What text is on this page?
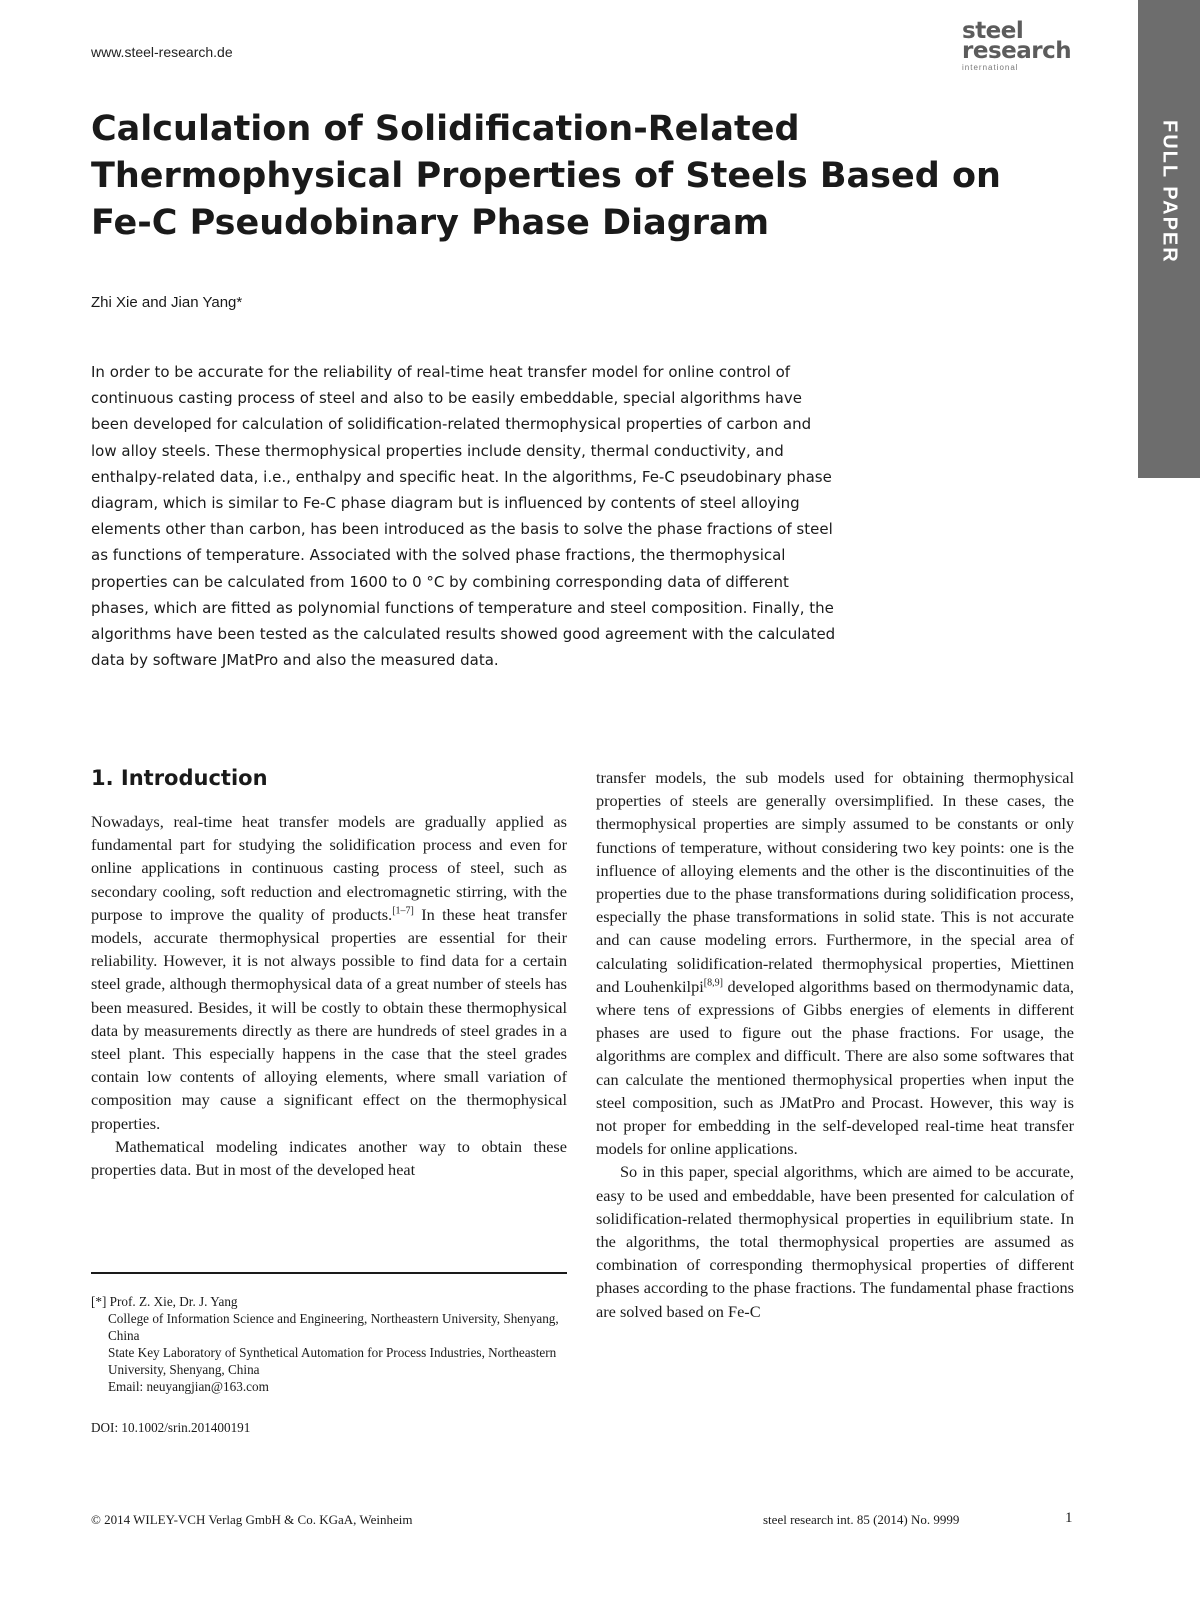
www.steel-research.de
steel
research
international
FULL PAPER
Calculation of Solidification-Related Thermophysical Properties of Steels Based on Fe-C Pseudobinary Phase Diagram
Zhi Xie and Jian Yang*

In order to be accurate for the reliability of real-time heat transfer model for online control of continuous casting process of steel and also to be easily embeddable, special algorithms have been developed for calculation of solidification-related thermophysical properties of carbon and low alloy steels. These thermophysical properties include density, thermal conductivity, and enthalpy-related data, i.e., enthalpy and specific heat. In the algorithms, Fe-C pseudobinary phase diagram, which is similar to Fe-C phase diagram but is influenced by contents of steel alloying elements other than carbon, has been introduced as the basis to solve the phase fractions of steel as functions of temperature. Associated with the solved phase fractions, the thermophysical properties can be calculated from 1600 to 0 °C by combining corresponding data of different phases, which are fitted as polynomial functions of temperature and steel composition. Finally, the algorithms have been tested as the calculated results showed good agreement with the calculated data by software JMatPro and also the measured data.

1. Introduction

Nowadays, real-time heat transfer models are gradually applied as fundamental part for studying the solidification process and even for online applications in continuous casting process of steel, such as secondary cooling, soft reduction and electromagnetic stirring, with the purpose to improve the quality of products.[1–7] In these heat transfer models, accurate thermophysical properties are essential for their reliability. However, it is not always possible to find data for a certain steel grade, although thermophysical data of a great number of steels has been measured. Besides, it will be costly to obtain these thermophysical data by measurements directly as there are hundreds of steel grades in a steel plant. This especially happens in the case that the steel grades contain low contents of alloying elements, where small variation of composition may cause a significant effect on the thermophysical properties.

Mathematical modeling indicates another way to obtain these properties data. But in most of the developed heat

transfer models, the sub models used for obtaining thermophysical properties of steels are generally oversimplified. In these cases, the thermophysical properties are simply assumed to be constants or only functions of temperature, without considering two key points: one is the influence of alloying elements and the other is the discontinuities of the properties due to the phase transformations during solidification process, especially the phase transformations in solid state. This is not accurate and can cause modeling errors. Furthermore, in the special area of calculating solidification-related thermophysical properties, Miettinen and Louhenkilpi[8,9] developed algorithms based on thermodynamic data, where tens of expressions of Gibbs energies of elements in different phases are used to figure out the phase fractions. For usage, the algorithms are complex and difficult. There are also some softwares that can calculate the mentioned thermophysical properties when input the steel composition, such as JMatPro and Procast. However, this way is not proper for embedding in the self-developed real-time heat transfer models for online applications.

So in this paper, special algorithms, which are aimed to be accurate, easy to be used and embeddable, have been presented for calculation of solidification-related thermophysical properties in equilibrium state. In the algorithms, the total thermophysical properties are assumed as combination of corresponding thermophysical properties of different phases according to the phase fractions. The fundamental phase fractions are solved based on Fe-C

[*] Prof. Z. Xie, Dr. J. Yang
College of Information Science and Engineering, Northeastern University, Shenyang, China
State Key Laboratory of Synthetical Automation for Process Industries, Northeastern University, Shenyang, China
Email: neuyangjian@163.com
DOI: 10.1002/srin.201400191
© 2014 WILEY-VCH Verlag GmbH & Co. KGaA, Weinheim	steel research int. 85 (2014) No. 9999	1
